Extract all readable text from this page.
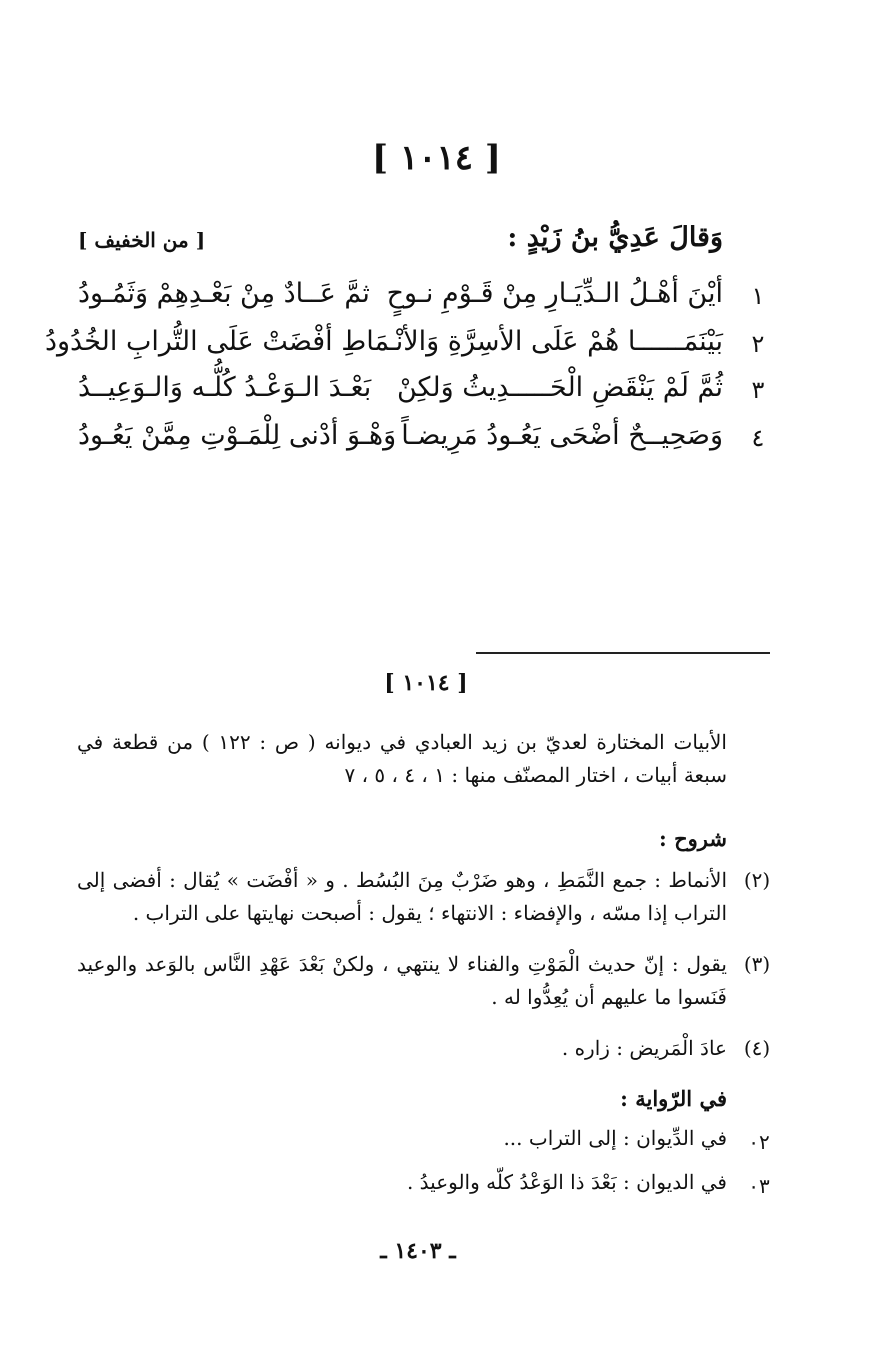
[ ١٠١٤ ]
وَقالَ عَدِيُّ بنُ زَيْدٍ :
[ من الخفيف ]
١
أيْنَ أهْـلُ الـدِّيَـارِ مِنْ قَـوْمِ نـوحٍ
ثمَّ عَــادٌ مِنْ بَعْـدِهِمْ وَثَمُـودُ
٢
بَيْنَمَــــــا هُمْ عَلَى الأسِرَّةِ وَالأنْـ
ـمَاطِ أفْضَتْ عَلَى التُّرابِ الخُدُودُ
٣
ثُمَّ لَمْ يَنْقَضِ الْحَـــــدِيثُ وَلكِنْ
بَعْـدَ الـوَعْـدُ كُلُّـه وَالـوَعِيــدُ
٤
وَصَحِيــحٌ أضْحَى يَعُـودُ مَرِيضـاً
وَهْـوَ أدْنى لِلْمَـوْتِ مِمَّنْ يَعُـودُ
[ ١٠١٤ ]
الأبيات المختارة لعديّ بن زيد العبادي في ديوانه ( ص : ١٢٢ ) من قطعة في سبعة أبيات ، اختار المصنّف منها : ١ ، ٤ ، ٥ ، ٧
شروح :
(٢)
الأنماط : جمع النَّمَطِ ، وهو ضَرْبٌ مِنَ البُسُط . و « أفْضَت » يُقال : أفضى إلى التراب إذا مسّه ، والإفضاء : الانتهاء ؛ يقول : أصبحت نهايتها على التراب .
(٣)
يقول : إنّ حديث الْمَوْتِ والفناء لا ينتهي ، ولكنْ بَعْدَ عَهْدِ النَّاس بالوَعد والوعيد فَنَسوا ما عليهم أن يُعِدُّوا له .
(٤)
عادَ الْمَريض : زاره .
في الرّواية :
٠٢
في الدِّيوان : إلى التراب ...
٠٣
في الديوان : بَعْدَ ذا الوَعْدُ كلّه والوعيدُ .
ـ ١٤٠٣ ـ
